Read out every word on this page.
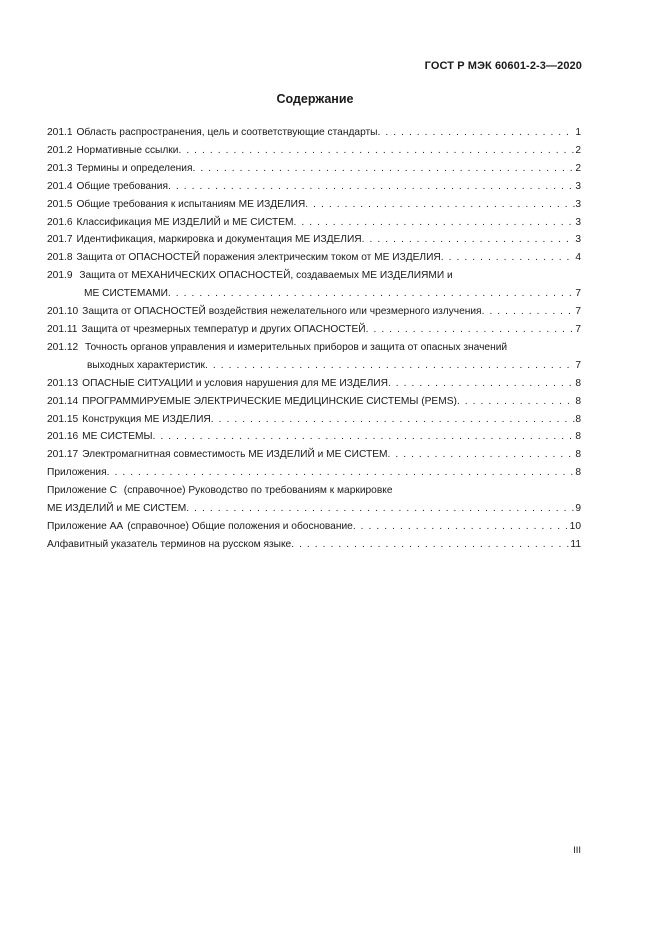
ГОСТ Р МЭК 60601-2-3—2020
Содержание
201.1 Область распространения, цель и соответствующие стандарты . . .	1
201.2 Нормативные ссылки . . .	2
201.3 Термины и определения . . .	2
201.4 Общие требования . . .	3
201.5 Общие требования к испытаниям МЕ ИЗДЕЛИЯ . . .	3
201.6 Классификация МЕ ИЗДЕЛИЙ и МЕ СИСТЕМ . . .	3
201.7 Идентификация, маркировка и документация МЕ ИЗДЕЛИЯ . . .	3
201.8 Защита от ОПАСНОСТЕЙ поражения электрическим током от МЕ ИЗДЕЛИЯ . . .	4
201.9 Защита от МЕХАНИЧЕСКИХ ОПАСНОСТЕЙ, создаваемых МЕ ИЗДЕЛИЯМИ и
МЕ СИСТЕМАМИ . . .	7
201.10 Защита от ОПАСНОСТЕЙ воздействия нежелательного или чрезмерного излучения . . .	7
201.11 Защита от чрезмерных температур и других ОПАСНОСТЕЙ . . .	7
201.12 Точность органов управления и измерительных приборов и защита от опасных значений
выходных характеристик . . .	7
201.13 ОПАСНЫЕ СИТУАЦИИ и условия нарушения для МЕ ИЗДЕЛИЯ . . .	8
201.14 ПРОГРАММИРУЕМЫЕ ЭЛЕКТРИЧЕСКИЕ МЕДИЦИНСКИЕ СИСТЕМЫ (PEMS) . . .	8
201.15 Конструкция МЕ ИЗДЕЛИЯ . . .	8
201.16 МЕ СИСТЕМЫ . . .	8
201.17 Электромагнитная совместимость МЕ ИЗДЕЛИЙ и МЕ СИСТЕМ . . .	8
Приложения . . .	8
Приложение С (справочное) Руководство по требованиям к маркировке
МЕ ИЗДЕЛИЙ и МЕ СИСТЕМ . . .	9
Приложение АА (справочное) Общие положения и обоснование . . .	10
Алфавитный указатель терминов на русском языке . . .	11
III
